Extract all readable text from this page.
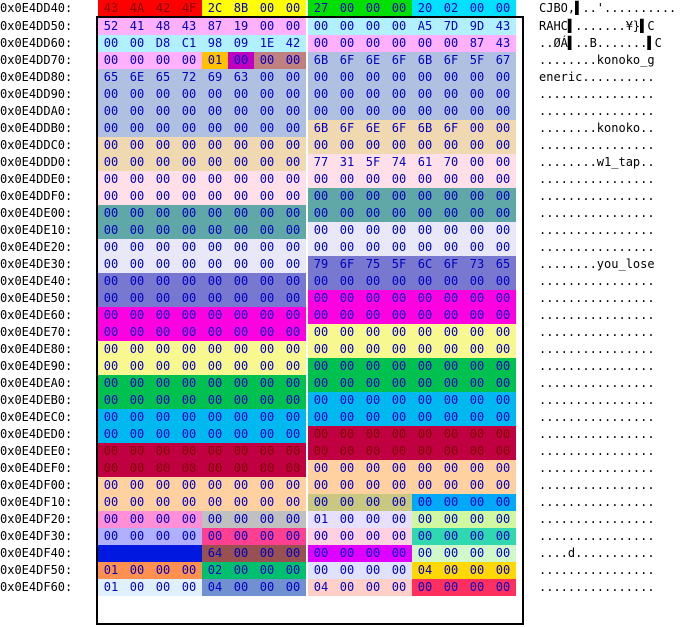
0x0E4DD40:	43 4A 42 4F 2C 8B 00 00	27 00 00 00 20 02 00 00	CJBO,▌..'..........
0x0E4DD50:	52 41 48 43 87 19 00 00	00 00 00 00 A5 7D 9D 43	RAHC▌.......¥}▌C
0x0E4DD60:	00 00 D8 C1 98 09 1E 42	00 00 00 00 00 00 87 43	..ØÁ▌..B.......▌C
0x0E4DD70:	00 00 00 00 01 00 00 00	6B 6F 6E 6F 6B 6F 5F 67	........konoko_g
0x0E4DD80:	65 6E 65 72 69 63 00 00	00 00 00 00 00 00 00 00	eneric..........
0x0E4DD90:	00 00 00 00 00 00 00 00	00 00 00 00 00 00 00 00	................
0x0E4DDA0:	00 00 00 00 00 00 00 00	00 00 00 00 00 00 00 00	................
0x0E4DDB0:	00 00 00 00 00 00 00 00	6B 6F 6E 6F 6B 6F 00 00	........konoko..
0x0E4DDC0:	00 00 00 00 00 00 00 00	00 00 00 00 00 00 00 00	................
0x0E4DDD0:	00 00 00 00 00 00 00 00	77 31 5F 74 61 70 00 00	........w1_tap..
0x0E4DDE0:	00 00 00 00 00 00 00 00	00 00 00 00 00 00 00 00	................
0x0E4DDF0:	00 00 00 00 00 00 00 00	00 00 00 00 00 00 00 00	................
0x0E4DE00:	00 00 00 00 00 00 00 00	00 00 00 00 00 00 00 00	................
0x0E4DE10:	00 00 00 00 00 00 00 00	00 00 00 00 00 00 00 00	................
0x0E4DE20:	00 00 00 00 00 00 00 00	00 00 00 00 00 00 00 00	................
0x0E4DE30:	00 00 00 00 00 00 00 00	79 6F 75 5F 6C 6F 73 65	........you_lose
0x0E4DE40:	00 00 00 00 00 00 00 00	00 00 00 00 00 00 00 00	................
0x0E4DE50:	00 00 00 00 00 00 00 00	00 00 00 00 00 00 00 00	................
0x0E4DE60:	00 00 00 00 00 00 00 00	00 00 00 00 00 00 00 00	................
0x0E4DE70:	00 00 00 00 00 00 00 00	00 00 00 00 00 00 00 00	................
0x0E4DE80:	00 00 00 00 00 00 00 00	00 00 00 00 00 00 00 00	................
0x0E4DE90:	00 00 00 00 00 00 00 00	00 00 00 00 00 00 00 00	................
0x0E4DEA0:	00 00 00 00 00 00 00 00	00 00 00 00 00 00 00 00	................
0x0E4DEB0:	00 00 00 00 00 00 00 00	00 00 00 00 00 00 00 00	................
0x0E4DEC0:	00 00 00 00 00 00 00 00	00 00 00 00 00 00 00 00	................
0x0E4DED0:	00 00 00 00 00 00 00 00	00 00 00 00 00 00 00 00	................
0x0E4DEE0:	00 00 00 00 00 00 00 00	00 00 00 00 00 00 00 00	................
0x0E4DEF0:	00 00 00 00 00 00 00 00	00 00 00 00 00 00 00 00	................
0x0E4DF00:	00 00 00 00 00 00 00 00	00 00 00 00 00 00 00 00	................
0x0E4DF10:	00 00 00 00 00 00 00 00	00 00 00 00 00 00 00 00	................
0x0E4DF20:	00 00 00 00 00 00 00 00	01 00 00 00 00 00 00 00	................
0x0E4DF30:	00 00 00 00 00 00 00 00	00 00 00 00 00 00 00 00	................
0x0E4DF40:	00 00 00 00 64 00 00 00	00 00 00 00 00 00 00 00	....d...........
0x0E4DF50:	01 00 00 00 02 00 00 00	00 00 00 00 04 00 00 00	................
0x0E4DF60:	01 00 00 00 04 00 00 00	04 00 00 00 00 00 00 00	................
